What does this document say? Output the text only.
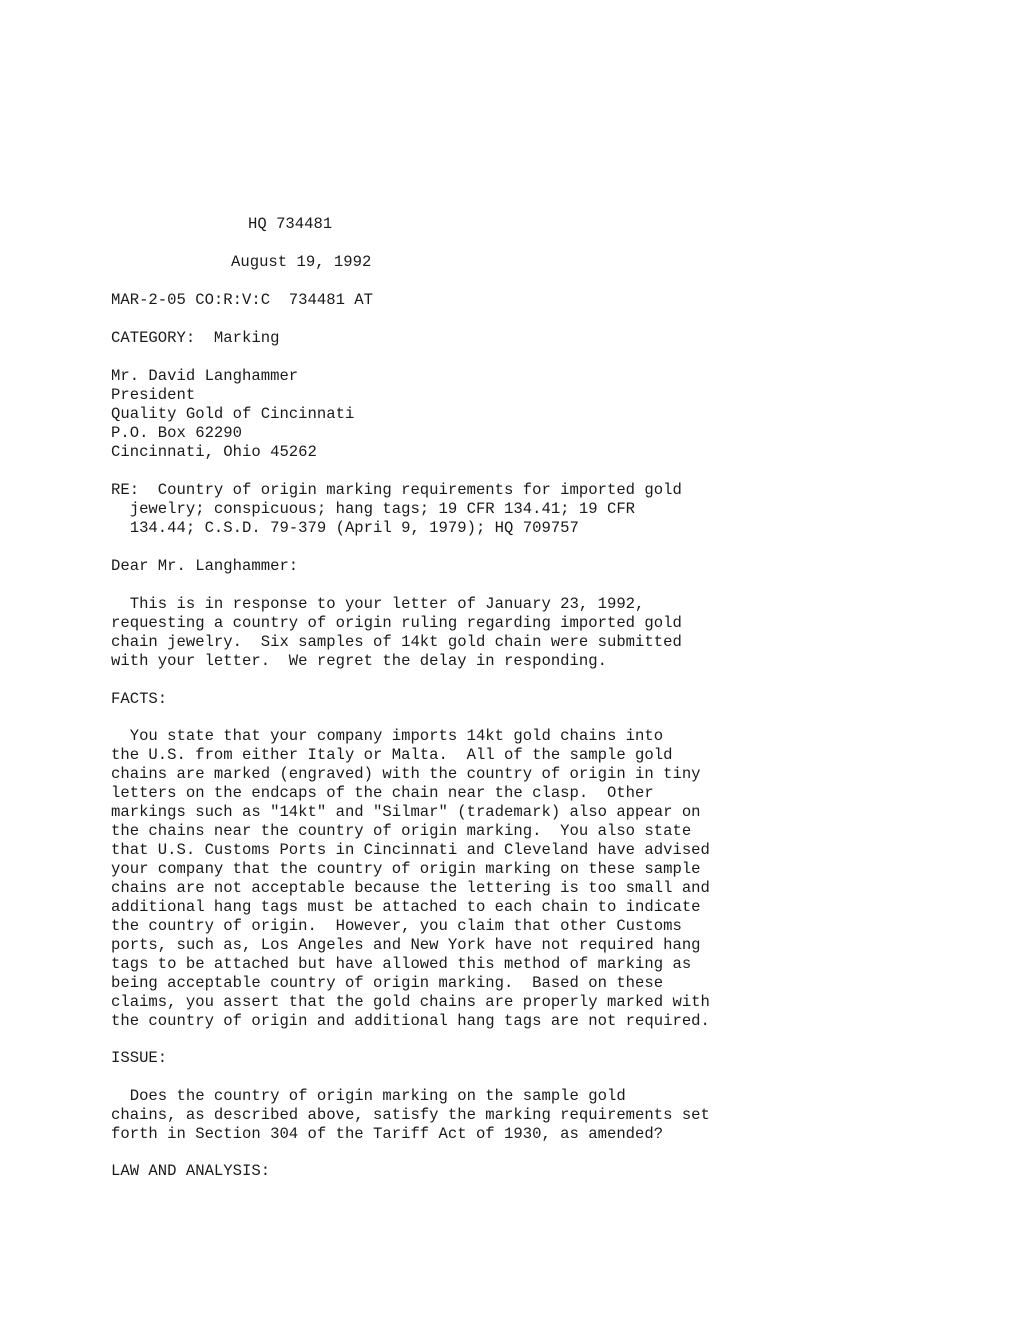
HQ 734481

August 19, 1992

MAR-2-05 CO:R:V:C  734481 AT

CATEGORY:  Marking

Mr. David Langhammer

President

Quality Gold of Cincinnati

P.O. Box 62290

Cincinnati, Ohio 45262

RE:  Country of origin marking requirements for imported gold

jewelry; conspicuous; hang tags; 19 CFR 134.41; 19 CFR

134.44; C.S.D. 79-379 (April 9, 1979); HQ 709757

Dear Mr. Langhammer:

This is in response to your letter of January 23, 1992,

requesting a country of origin ruling regarding imported gold

chain jewelry.  Six samples of 14kt gold chain were submitted

with your letter.  We regret the delay in responding.

FACTS:

You state that your company imports 14kt gold chains into

the U.S. from either Italy or Malta.  All of the sample gold

chains are marked (engraved) with the country of origin in tiny

letters on the endcaps of the chain near the clasp.  Other

markings such as "14kt" and "Silmar" (trademark) also appear on

the chains near the country of origin marking.  You also state

that U.S. Customs Ports in Cincinnati and Cleveland have advised

your company that the country of origin marking on these sample

chains are not acceptable because the lettering is too small and

additional hang tags must be attached to each chain to indicate

the country of origin.  However, you claim that other Customs

ports, such as, Los Angeles and New York have not required hang

tags to be attached but have allowed this method of marking as

being acceptable country of origin marking.  Based on these

claims, you assert that the gold chains are properly marked with

the country of origin and additional hang tags are not required.

ISSUE:

Does the country of origin marking on the sample gold

chains, as described above, satisfy the marking requirements set

forth in Section 304 of the Tariff Act of 1930, as amended?

LAW AND ANALYSIS:
